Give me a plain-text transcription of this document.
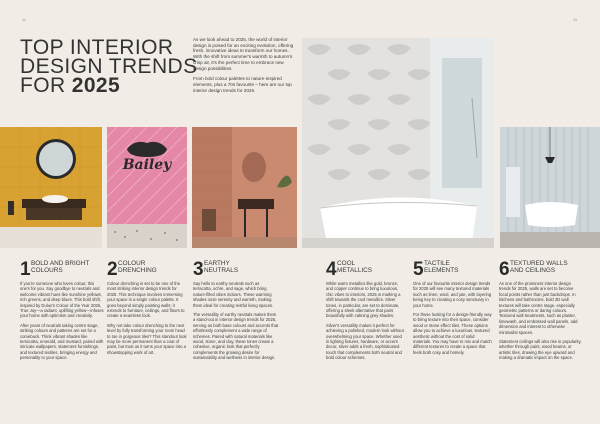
42	43
TOP INTERIOR
DESIGN TRENDS
FOR 2025

As we look ahead to 2025, the world of interior design is poised for an exciting evolution, offering fresh, innovative ideas to transform our homes. With the shift from summer's warmth to autumn's crisp air, it's the perfect time to embrace new design possibilities.

From bold colour palettes to nature-inspired elements, plus a 70s favourite – here are our top interior design trends for 2025.

Bailey
1 BOLD AND BRIGHT
COLOURS

If you're someone who loves colour, this one's for you. Say goodbye to neutrals and welcome vibrant hues like sunshine yellows, rich greens, and deep blues. This bold shift, inspired by Dulux's Colour of the Year 2025, True Joy—a radiant, uplifting yellow—infuses your home with optimism and creativity.

After years of neutrals taking centre stage, striking colours and patterns are set for a comeback. Think vibrant shades like terracotta, emerald, and mustard, paired with intricate wallpapers, statement furnishings, and textured textiles, bringing energy and personality to your space.

2 COLOUR
DRENCHING

Colour drenching is set to be one of the most striking interior design trends for 2025. This technique involves immersing your space in a single colour palette. It goes beyond simply painting walls; it extends to furniture, ceilings, and floors to create a seamless look.

Why not take colour drenching to the next level by fully transforming your room head to toe in gorgeous tiles? This standout look may be more permanent than a coat of paint, but trust us it turns your space into a showstopping work of art.

3 EARTHY
NEUTRALS

Say hello to earthy neutrals such as terracotta, ochre, and sage, which bring nature-filled vibes indoors. These warming shades ooze serenity and warmth, making them ideal for creating restful living spaces.

The versatility of earthy neutrals makes them a stand-out in interior design trends for 2025, serving as both base colours and accents that effortlessly complement a wide range of schemes. Paired with natural materials like wood, stone, and clay, these tones create a cohesive, organic look that perfectly complements the growing desire for sustainability and wellness in interior design.

4 COOL
METALLICS

While warm metallics like gold, bronze, and copper continue to bring luxurious, chic vibes to interiors, 2025 is marking a shift towards the cool metallics. Silver tones, in particular, are set to dominate, offering a sleek alternative that pairs beautifully with calming grey shades.

Silver's versatility makes it perfect for achieving a polished, modern look without overwhelming your space. Whether used in lighting fixtures, hardware, or accent decor, silver adds a fresh, sophisticated touch that complements both neutral and bold colour schemes.

5 TACTILE
ELEMENTS

One of our favourite interior design trends for 2025 will see many textured materials such as linen, wool, and jute, with layering being key to creating a cosy sanctuary in your home.

For those looking for a design-friendly way to bring texture into their space, consider wood or stone effect tiles. These options allow you to achieve a luxurious, textured aesthetic without the cost of solid materials. You may have to mix and match different textures to create a space that feels both cosy and homely.

6 TEXTURED WALLS
AND CEILINGS

As one of the prominent interior design trends for 2025, walls are set to become focal points rather than just backdrops. In kitchens and bathrooms, bold 3D wall textures will take centre stage, especially geometric patterns or daring colours. Textured wall treatments, such as plaster, limewash, and embossed wall panels, add dimension and interest to otherwise minimalist spaces.

Statement ceilings will also rise in popularity, whether through paint, wood beams, or artistic tiles, drawing the eye upward and making a dramatic impact on the space.
